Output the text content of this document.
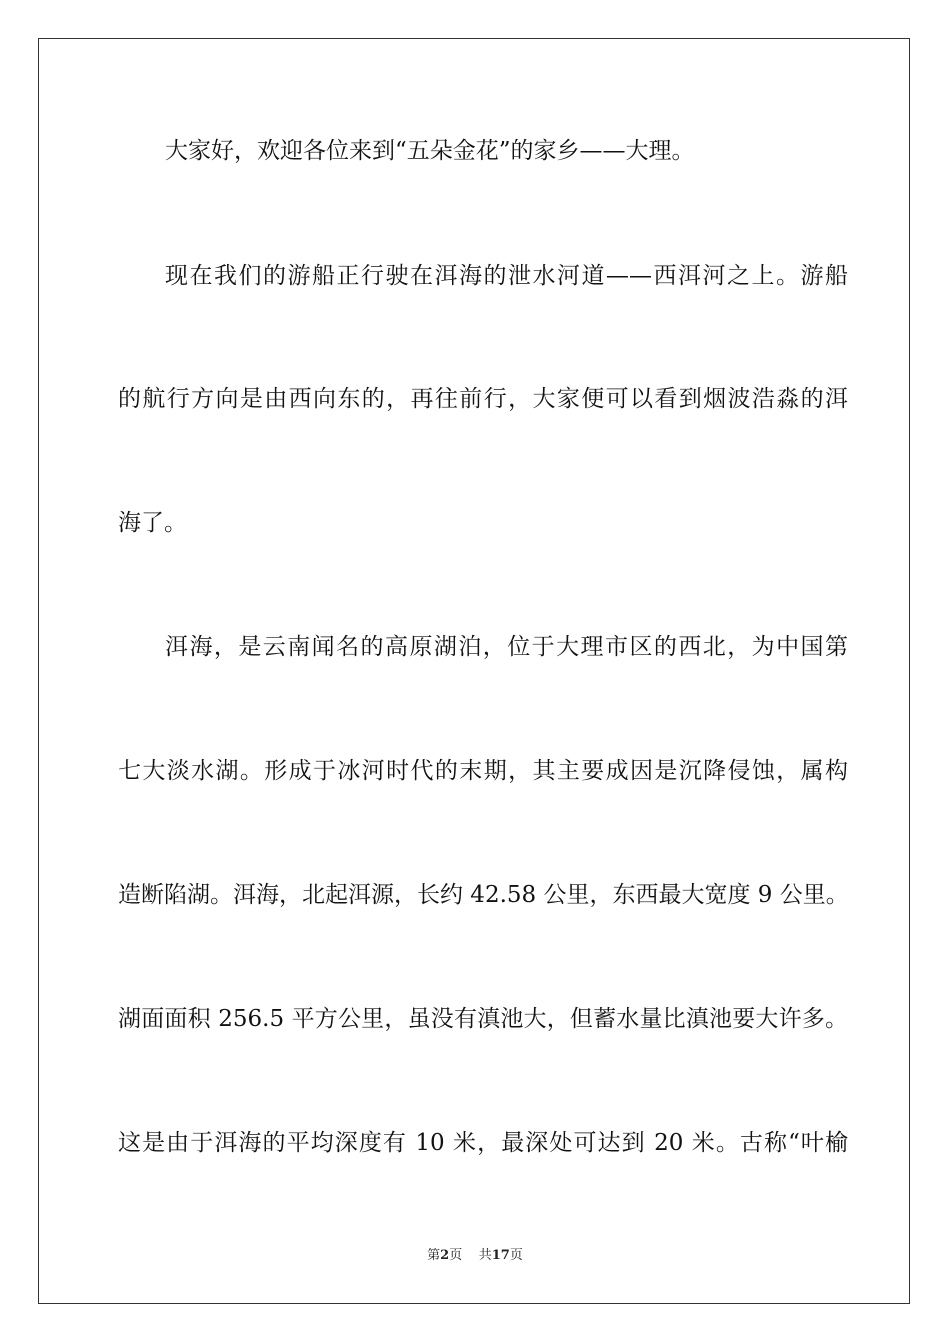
大家好，欢迎各位来到“五朵金花”的家乡——大理。
现在我们的游船正行驶在洱海的泄水河道——西洱河之上。游船
的航行方向是由西向东的，再往前行，大家便可以看到烟波浩淼的洱
海了。
洱海，是云南闻名的高原湖泊，位于大理市区的西北，为中国第
七大淡水湖。形成于冰河时代的末期，其主要成因是沉降侵蚀，属构
造断陷湖。洱海，北起洱源，长约 42.58 公里，东西最大宽度 9 公里。
湖面面积 256.5 平方公里，虽没有滇池大，但蓄水量比滇池要大许多。
这是由于洱海的平均深度有 10 米，最深处可达到 20 米。古称“叶榆
第2页 共17页
